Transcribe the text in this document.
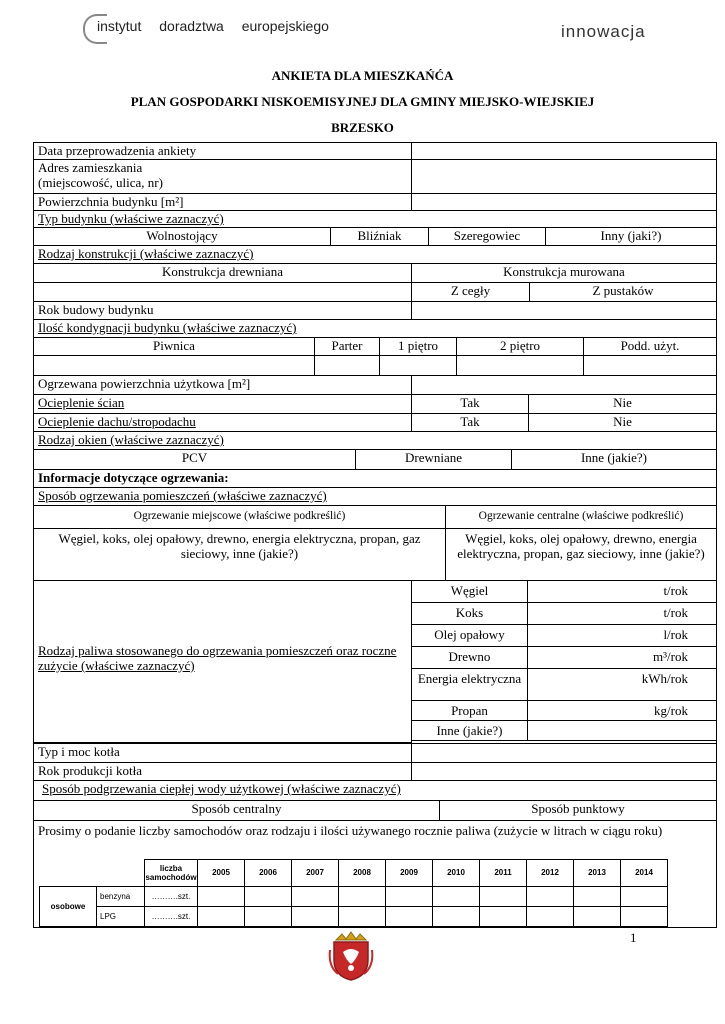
instytut doradztwa europejskiego	innowacja
ANKIETA DLA MIESZKAŃĆA
PLAN GOSPODARKI NISKOEMISYJNEJ DLA GMINY MIEJSKO-WIEJSKIEJ
BRZESKO
Data przeprowadzenia ankiety
Adres zamieszkania
(miejscowość, ulica, nr)
Powierzchnia budynku [m²]
Typ budynku (właściwe zaznaczyć)
Wolnostojący	Bliźniak	Szeregowiec	Inny (jaki?)
Rodzaj konstrukcji (właściwe zaznaczyć)
Konstrukcja drewniana	Konstrukcja murowana
Z cegły	Z pustaków
Rok budowy budynku
Ilość kondygnacji budynku (właściwe zaznaczyć)
Piwnica	Parter	1 piętro	2 piętro	Podd. użyt.
Ogrzewana powierzchnia użytkowa [m²]
Ocieplenie ścian	Tak	Nie
Ocieplenie dachu/stropodachu	Tak	Nie
Rodzaj okien (właściwe zaznaczyć)
PCV	Drewniane	Inne (jakie?)
Informacje dotyczące ogrzewania:
Sposób ogrzewania pomieszczeń (właściwe zaznaczyć)
Ogrzewanie miejscowe (właściwe podkreślić)	Ogrzewanie centralne (właściwe podkreślić)
Węgiel, koks, olej opałowy, drewno, energia elektryczna, propan, gaz sieciowy, inne (jakie?)
Węgiel, koks, olej opałowy, drewno, energia elektryczna, propan, gaz sieciowy, inne (jakie?)
Rodzaj paliwa stosowanego do ogrzewania pomieszczeń oraz roczne zużycie (właściwe zaznaczyć)
Węgiel	t/rok
Koks	t/rok
Olej opałowy	l/rok
Drewno	m³/rok
Energia elektryczna	kWh/rok
Propan	kg/rok
Inne (jakie?)
Typ i moc kotła
Rok produkcji kotła
Sposób podgrzewania ciepłej wody użytkowej (właściwe zaznaczyć)
Sposób centralny	Sposób punktowy
Prosimy o podanie liczby samochodów oraz rodzaju i ilości używanego rocznie paliwa (zużycie w litrach w ciągu roku)
		liczba samochodów	2005	2006	2007	2008	2009	2010	2011	2012	2013	2014
osobowe	benzyna	……….szt.										
	LPG	……….szt.										
1
